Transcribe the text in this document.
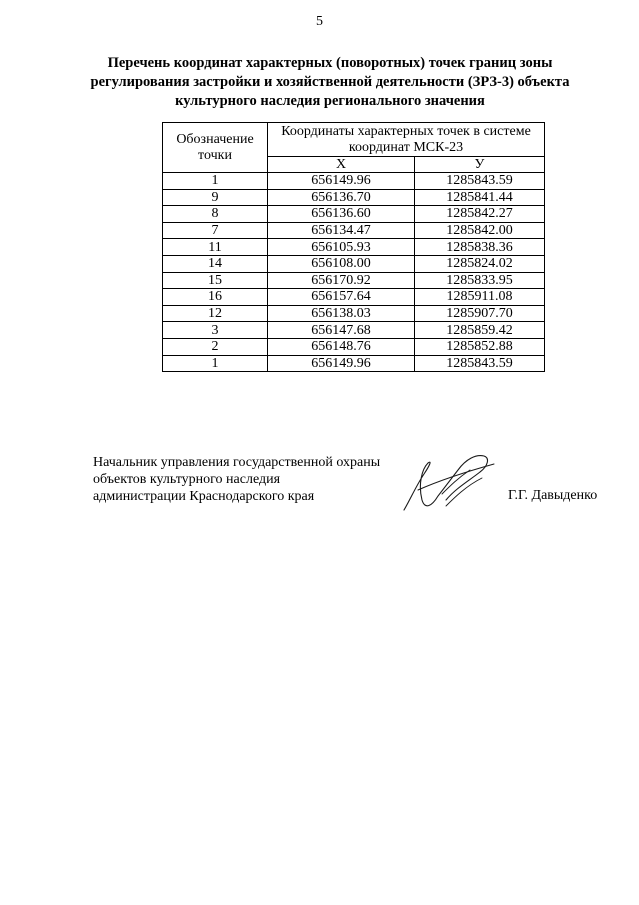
5
Перечень координат характерных (поворотных) точек границ зоны
регулирования застройки и хозяйственной деятельности (ЗРЗ-3) объекта
культурного наследия регионального значения
Обозначение
точки	Координаты характерных точек в системе
координат МСК-23	
	Х	У
1	656149.96	1285843.59
9	656136.70	1285841.44
8	656136.60	1285842.27
7	656134.47	1285842.00
11	656105.93	1285838.36
14	656108.00	1285824.02
15	656170.92	1285833.95
16	656157.64	1285911.08
12	656138.03	1285907.70
3	656147.68	1285859.42
2	656148.76	1285852.88
1	656149.96	1285843.59
Начальник управления государственной охраны
объектов культурного наследия
администрации Краснодарского края	Г.Г. Давыденко
